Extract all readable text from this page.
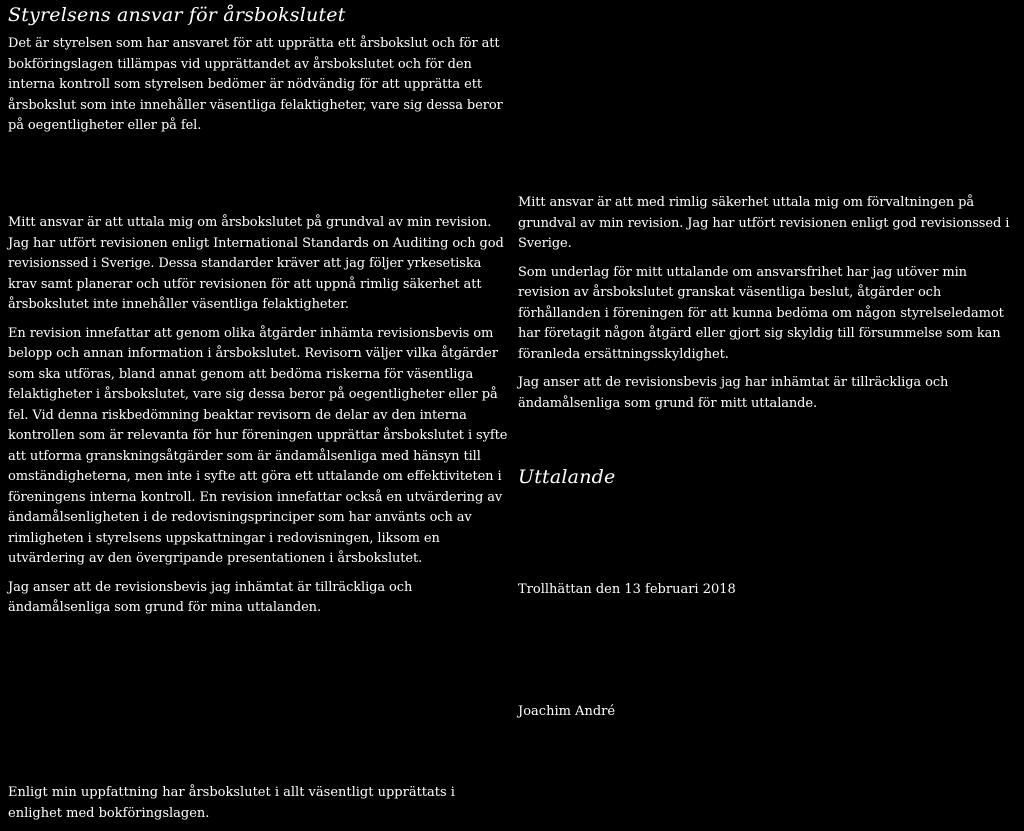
Styrelsens ansvar för årsbokslutet

Det är styrelsen som har ansvaret för att upprätta ett årsbokslut och för att bokföringslagen tillämpas vid upprättandet av årsbokslutet och för den interna kontroll som styrelsen bedömer är nödvändig för att upprätta ett årsbokslut som inte innehåller väsentliga felaktigheter, vare sig dessa beror på oegentligheter eller på fel.

Mitt ansvar är att uttala mig om årsbokslutet på grundval av min revision. Jag har utfört revisionen enligt International Standards on Auditing och god revisionssed i Sverige. Dessa standarder kräver att jag följer yrkesetiska krav samt planerar och utför revisionen för att uppnå rimlig säkerhet att årsbokslutet inte innehåller väsentliga felaktigheter.

En revision innefattar att genom olika åtgärder inhämta revisionsbevis om belopp och annan information i årsbokslutet. Revisorn väljer vilka åtgärder som ska utföras, bland annat genom att bedöma riskerna för väsentliga felaktigheter i årsbokslutet, vare sig dessa beror på oegentligheter eller på fel. Vid denna riskbedömning beaktar revisorn de delar av den interna kontrollen som är relevanta för hur föreningen upprättar årsbokslutet i syfte att utforma granskningsåtgärder som är ändamålsenliga med hänsyn till omständigheterna, men inte i syfte att göra ett uttalande om effektiviteten i föreningens interna kontroll. En revision innefattar också en utvärdering av ändamålsenligheten i de redovisningsprinciper som har använts och av rimligheten i styrelsens uppskattningar i redovisningen, liksom en utvärdering av den övergripande presentationen i årsbokslutet.

Jag anser att de revisionsbevis jag inhämtat är tillräckliga och ändamålsenliga som grund för mina uttalanden.

Enligt min uppfattning har årsbokslutet i allt väsentligt upprättats i enlighet med bokföringslagen.

Mitt ansvar är att med rimlig säkerhet uttala mig om förvaltningen på grundval av min revision. Jag har utfört revisionen enligt god revisionssed i Sverige.

Som underlag för mitt uttalande om ansvarsfrihet har jag utöver min revision av årsbokslutet granskat väsentliga beslut, åtgärder och förhållanden i föreningen för att kunna bedöma om någon styrelseledamot har företagit någon åtgärd eller gjort sig skyldig till försummelse som kan föranleda ersättningsskyldighet.

Jag anser att de revisionsbevis jag har inhämtat är tillräckliga och ändamålsenliga som grund för mitt uttalande.

Uttalande

Trollhättan den 13 februari 2018

Joachim André
